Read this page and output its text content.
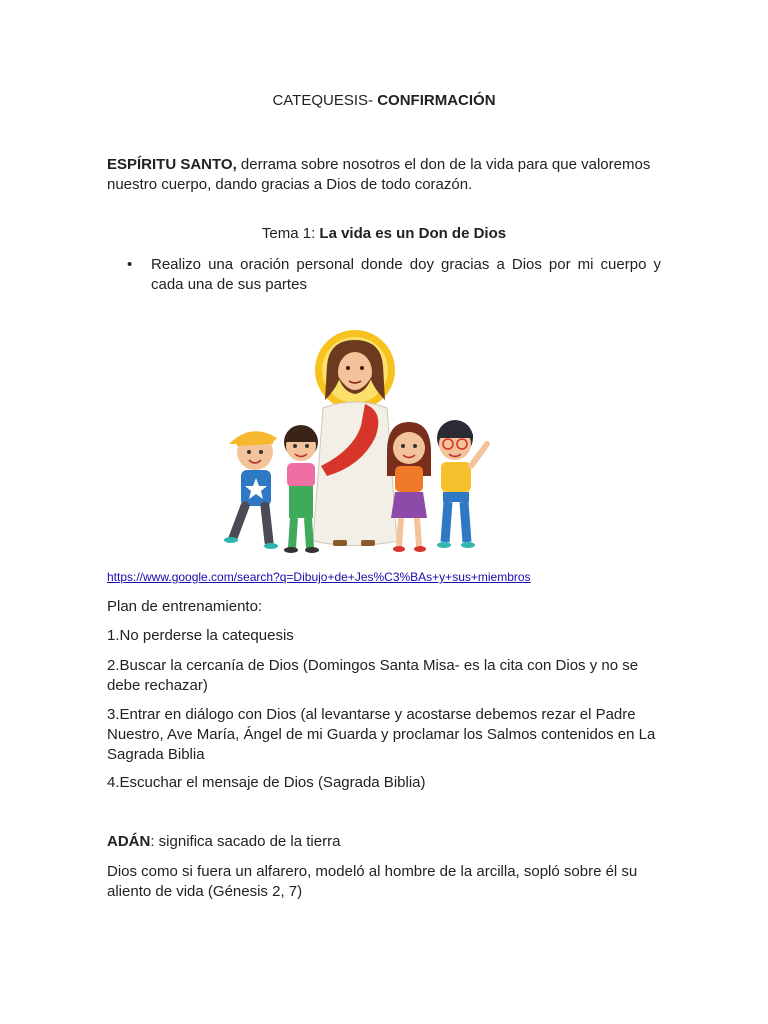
CATEQUESIS- CONFIRMACIÓN

ESPÍRITU SANTO, derrama sobre nosotros el don de la vida para que valoremos nuestro cuerpo, dando gracias a Dios de todo corazón.

Tema 1: La vida es un Don de Dios

• Realizo una oración personal donde doy gracias a Dios por mi cuerpo y cada una de sus partes

https://www.google.com/search?q=Dibujo+de+Jes%C3%BAs+y+sus+miembros

Plan de entrenamiento:

1.No perderse la catequesis

2.Buscar la cercanía de Dios (Domingos Santa Misa- es la cita con Dios y no se debe rechazar)

3.Entrar en diálogo con Dios (al levantarse y acostarse debemos rezar el Padre Nuestro, Ave María, Ángel de mi Guarda y proclamar los Salmos contenidos en La Sagrada Biblia

4.Escuchar el mensaje de Dios (Sagrada Biblia)

ADÁN: significa sacado de la tierra

Dios como si fuera un alfarero, modeló al hombre de la arcilla, sopló sobre él su aliento de vida (Génesis 2, 7)
